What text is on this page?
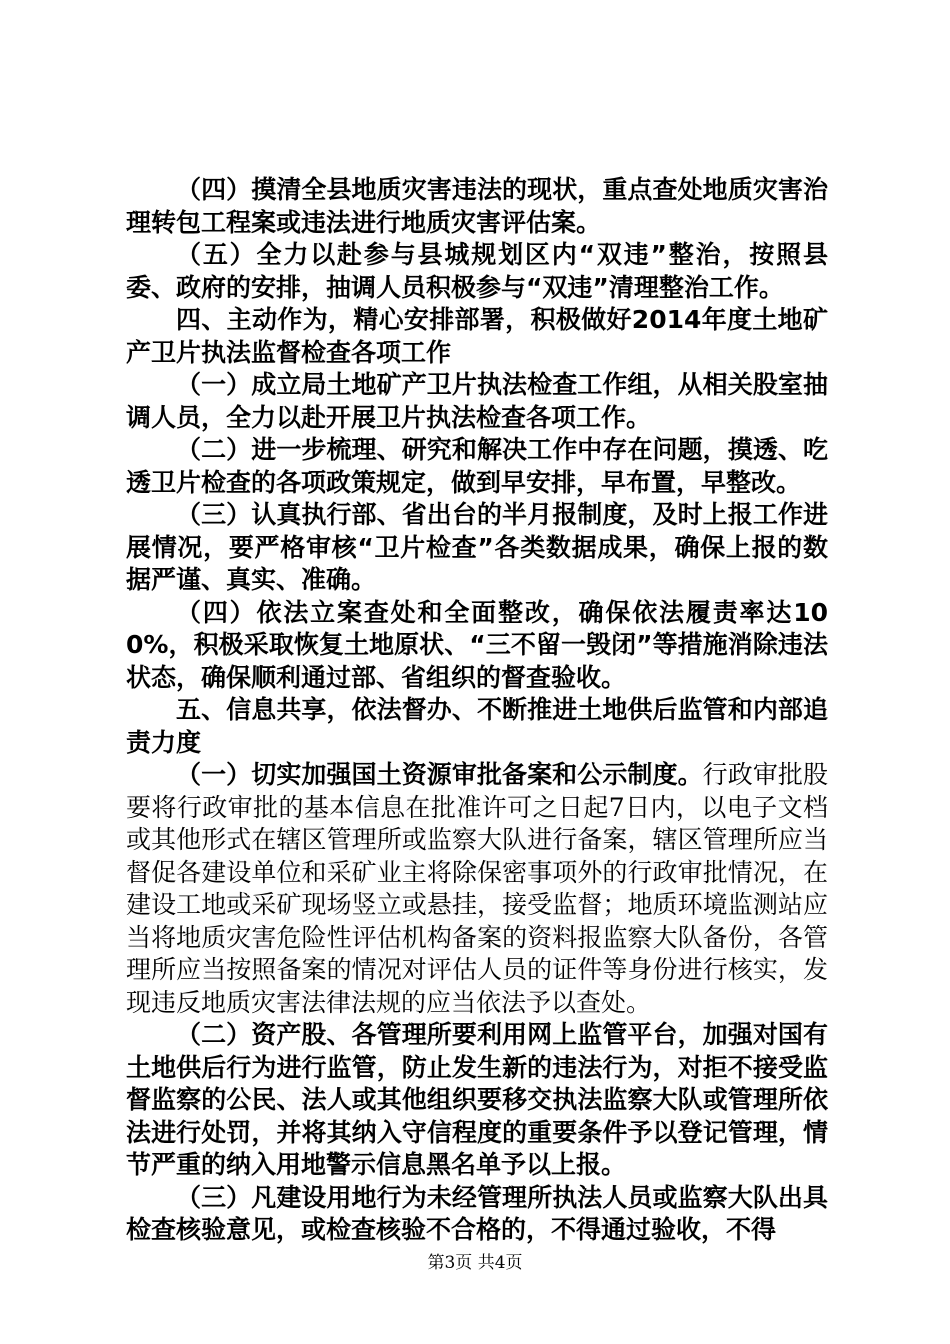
（四）摸清全县地质灾害违法的现状，重点查处地质灾害治理转包工程案或违法进行地质灾害评估案。

（五）全力以赴参与县城规划区内“双违”整治，按照县委、政府的安排，抽调人员积极参与“双违”清理整治工作。

四、主动作为，精心安排部署，积极做好2014年度土地矿产卫片执法监督检查各项工作

（一）成立局土地矿产卫片执法检查工作组，从相关股室抽调人员，全力以赴开展卫片执法检查各项工作。

（二）进一步梳理、研究和解决工作中存在问题，摸透、吃透卫片检查的各项政策规定，做到早安排，早布置，早整改。

（三）认真执行部、省出台的半月报制度，及时上报工作进展情况，要严格审核“卫片检查”各类数据成果，确保上报的数据严谨、真实、准确。

（四）依法立案查处和全面整改，确保依法履责率达100%，积极采取恢复土地原状、“三不留一毁闭”等措施消除违法状态，确保顺利通过部、省组织的督查验收。

五、信息共享，依法督办、不断推进土地供后监管和内部追责力度

（一）切实加强国土资源审批备案和公示制度。行政审批股要将行政审批的基本信息在批准许可之日起7日内，以电子文档或其他形式在辖区管理所或监察大队进行备案，辖区管理所应当督促各建设单位和采矿业主将除保密事项外的行政审批情况，在建设工地或采矿现场竖立或悬挂，接受监督；地质环境监测站应当将地质灾害危险性评估机构备案的资料报监察大队备份，各管理所应当按照备案的情况对评估人员的证件等身份进行核实，发现违反地质灾害法律法规的应当依法予以查处。

（二）资产股、各管理所要利用网上监管平台，加强对国有土地供后行为进行监管，防止发生新的违法行为，对拒不接受监督监察的公民、法人或其他组织要移交执法监察大队或管理所依法进行处罚，并将其纳入守信程度的重要条件予以登记管理，情节严重的纳入用地警示信息黑名单予以上报。

（三）凡建设用地行为未经管理所执法人员或监察大队出具检查核验意见，或检查核验不合格的，不得通过验收，不得

第3页 共4页
